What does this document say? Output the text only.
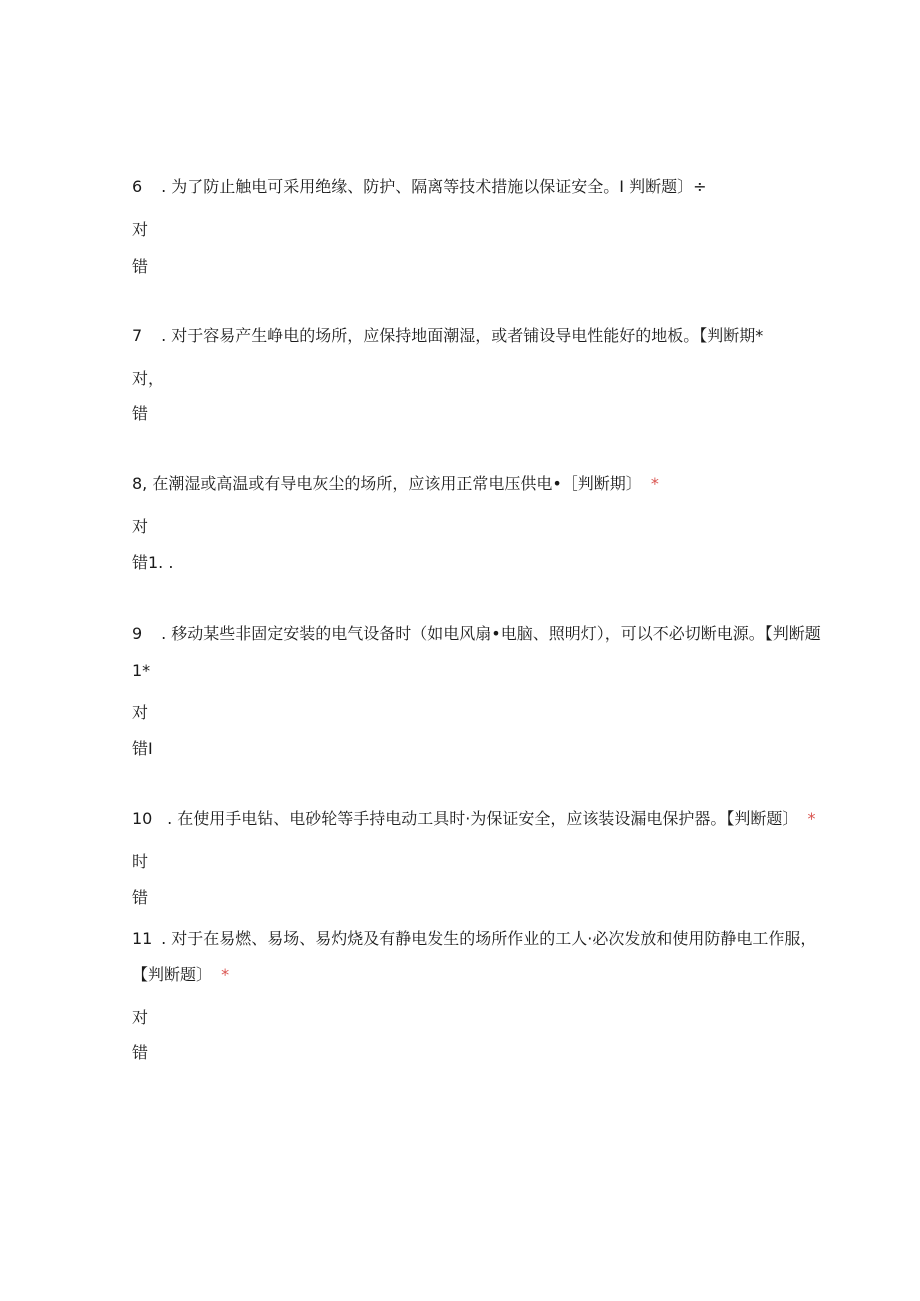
6 . 为了防止触电可采用绝缘、防护、隔离等技术措施以保证安全。I 判断题〕÷
对
错
7 . 对于容易产生峥电的场所，应保持地面潮湿，或者铺设导电性能好的地板。【判断期*
对，
错
8, 在潮湿或高温或有导电灰尘的场所，应该用正常电压供电•［判断期〕 *
对
错1. .
9 . 移动某些非固定安装的电气设备时（如电风扇•电脑、照明灯），可以不必切断电源。【判断题
1*
对
错I
10 . 在使用手电钻、电砂轮等手持电动工具时·为保证安全，应该装设漏电保护器。【判断题〕 *
时
错
11 . 对于在易燃、易场、易灼烧及有静电发生的场所作业的工人·必次发放和使用防静电工作服，
【判断题〕 *
对
错
